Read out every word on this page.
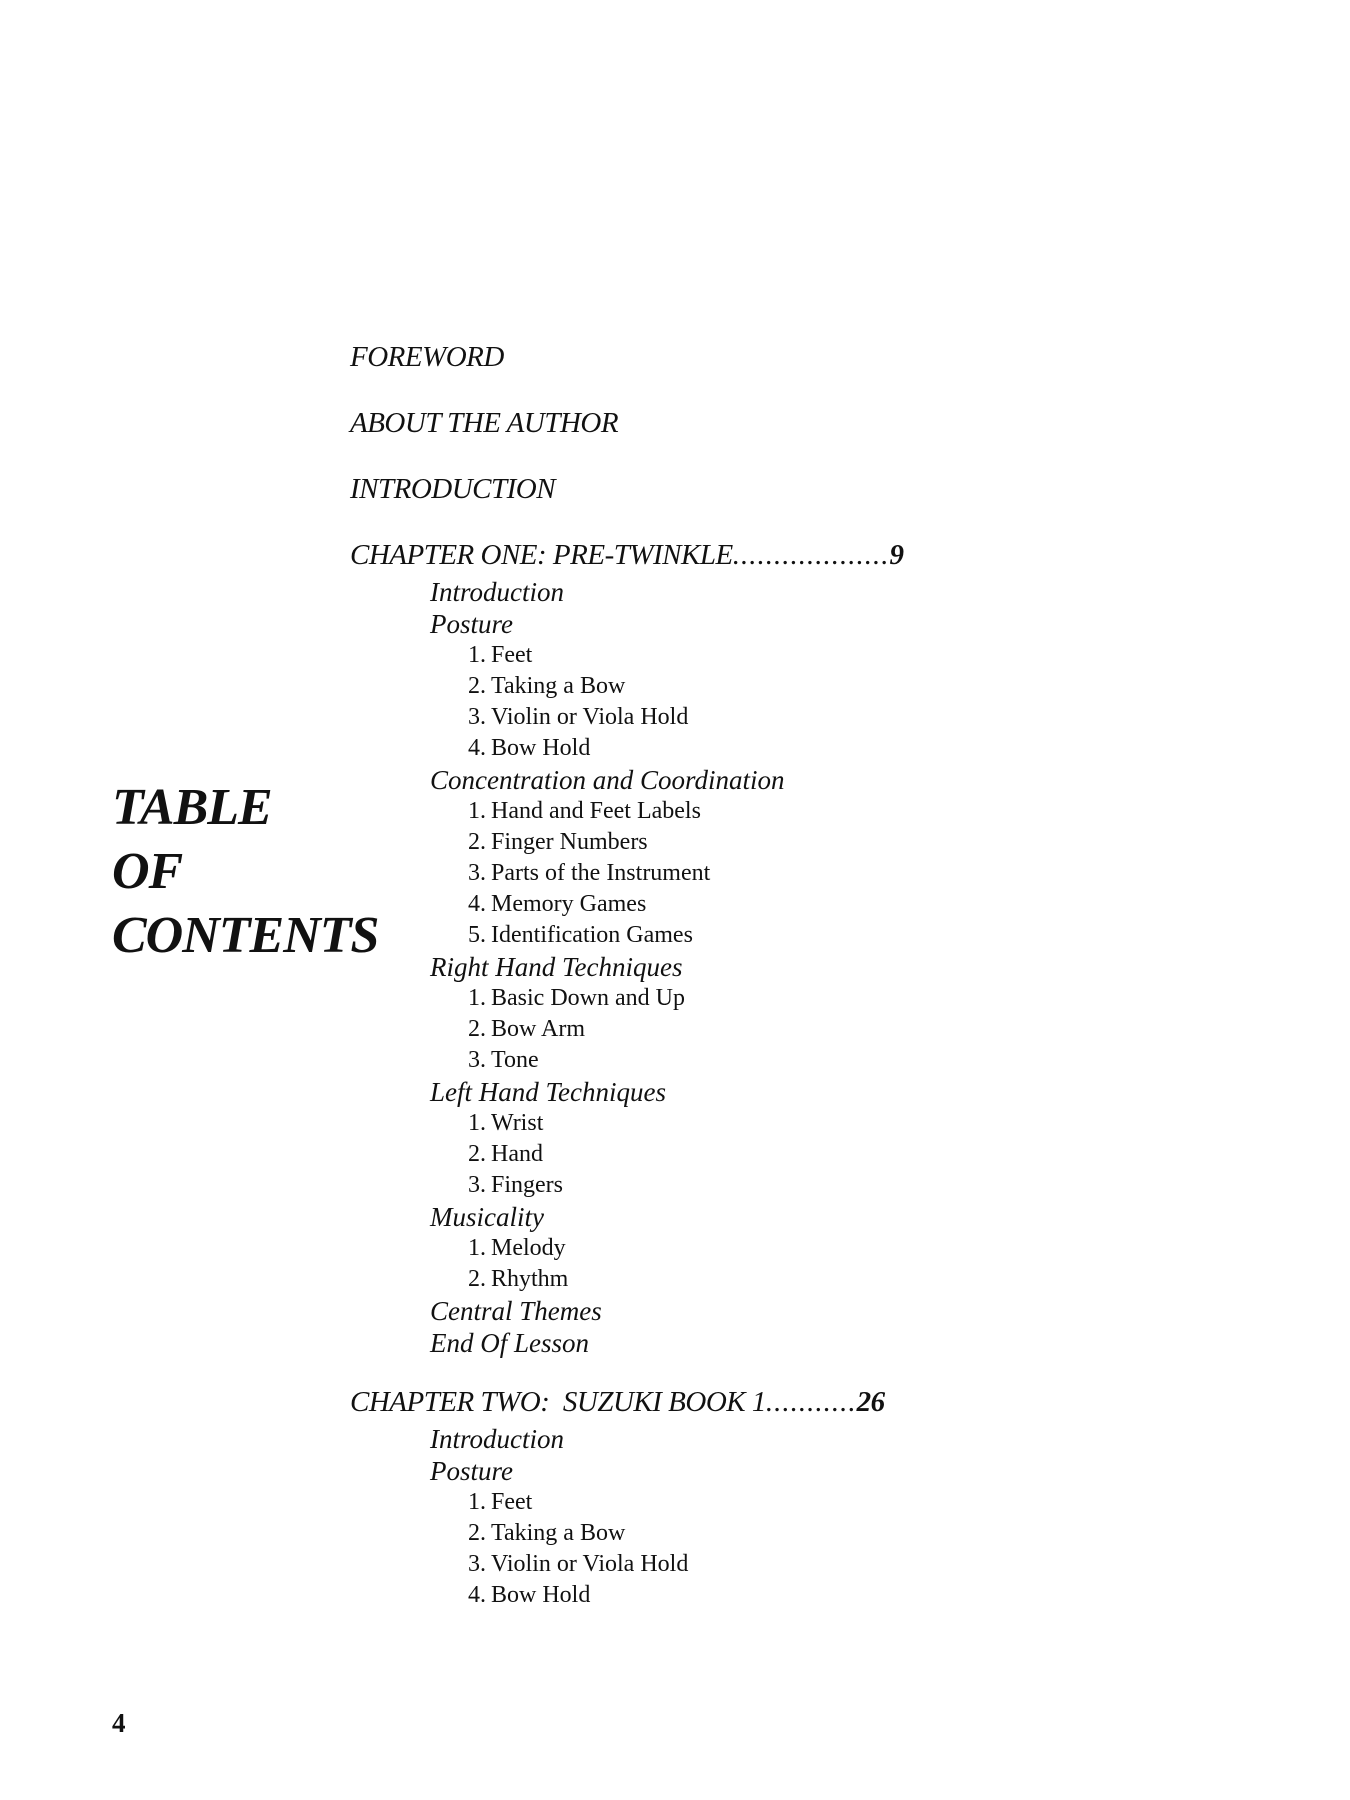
TABLE
OF
CONTENTS
FOREWORD
ABOUT THE AUTHOR
INTRODUCTION
CHAPTER ONE: PRE-TWINKLE...................9
Introduction
Posture
1. Feet
2. Taking a Bow
3. Violin or Viola Hold
4. Bow Hold
Concentration and Coordination
1. Hand and Feet Labels
2. Finger Numbers
3. Parts of the Instrument
4. Memory Games
5. Identification Games
Right Hand Techniques
1. Basic Down and Up
2. Bow Arm
3. Tone
Left Hand Techniques
1. Wrist
2. Hand
3. Fingers
Musicality
1. Melody
2. Rhythm
Central Themes
End Of Lesson
CHAPTER TWO:  SUZUKI BOOK 1...........26
Introduction
Posture
1. Feet
2. Taking a Bow
3. Violin or Viola Hold
4. Bow Hold
4
